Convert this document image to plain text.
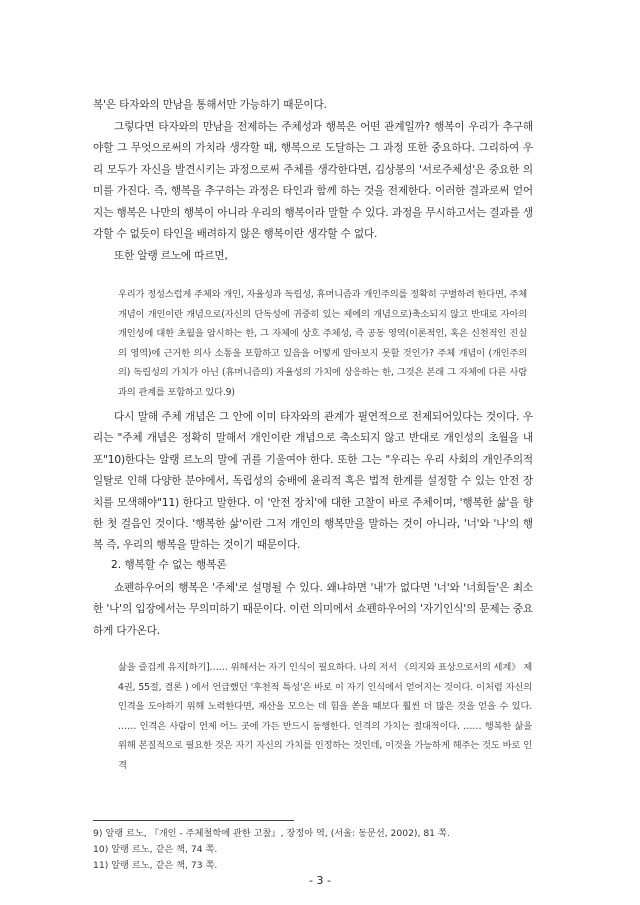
복'은 타자와의 만남을 통해서만 가능하기 때문이다.

그렇다면 타자와의 만남을 전제하는 주체성과 행복은 어떤 관계일까? 행복이 우리가 추구해야할 그 무엇으로써의 가치라 생각할 때, 행복으로 도달하는 그 과정 또한 중요하다. 그리하여 우리 모두가 자신을 발견시키는 과정으로써 주체를 생각한다면, 김상봉의 '서로주체성'은 중요한 의미를 가진다. 즉, 행복을 추구하는 과정은 타인과 함께 하는 것을 전제한다. 이러한 결과로써 얻어지는 행복은 나만의 행복이 아니라 우리의 행복이라 말할 수 있다. 과정을 무시하고서는 결과를 생각할 수 없듯이 타인을 배려하지 않은 행복이란 생각할 수 없다.

또한 알랭 르노에 따르면,

우리가 정성스럽게 주체와 개인, 자율성과 독립성, 휴머니즘과 개인주의를 정확히 구별하려 한다면, 주체 개념이 개인이란 개념으로(자신의 단독성에 귀중히 있는 제에의 개념으로)축소되지 않고 반대로 자아의 개인성에 대한 초월을 암시하는 한, 그 자체에 상호 주체성, 즉 공동 영역(이론적인, 혹은 신천적인 진실의 영역)에 근거한 의사 소통을 포함하고 있음을 어떻게 알아보지 못할 것인가? 주체 개념이 (개인주의의) 독립성의 가치가 아닌 (휴머니즘의) 자율성의 가치에 상응하는 한, 그것은 본래 그 자체에 다른 사람과의 관계를 포함하고 있다.9)

다시 말해 주체 개념은 그 안에 이미 타자와의 관계가 필연적으로 전제되어있다는 것이다. 우리는 "주체 개념은 정확히 말해서 개인이란 개념으로 축소되지 않고 반대로 개인성의 초월을 내포"10)한다는 알랭 르노의 말에 귀를 기울여야 한다. 또한 그는 "우리는 우리 사회의 개인주의적 일탈로 인해 다양한 분야에서, 독립성의 숭배에 윤리적 혹은 법적 한계를 설정할 수 있는 안전 장치를 모색해야"11) 한다고 말한다. 이 '안전 장치'에 대한 고찰이 바로 주체이며, '행복한 삶'을 향한 첫 걸음인 것이다. '행복한 삶'이란 그저 개인의 행복만을 말하는 것이 아니라, '너'와 '나'의 행복 즉, 우리의 행복을 말하는 것이기 때문이다.

2. 행복할 수 없는 행복론

쇼펜하우어의 행복은 '주체'로 설명될 수 있다. 왜냐하면 '내'가 없다면 '너'와 '너희들'은 최소한 '나'의 입장에서는 무의미하기 때문이다. 이런 의미에서 쇼펜하우어의 '자기인식'의 문제는 중요하게 다가온다.

삶을 즐겁게 유지[하기]…… 위해서는 자기 인식이 필요하다. 나의 저서 《의지와 표상으로서의 세계》 제4권, 55절, 결론 ) 에서 언급했던 '후천적 특성'은 바로 이 자기 인식에서 얻어지는 것이다. 이처럼 자신의 인격을 도야하기 위해 노력한다면, 재산을 모으는 데 힘을 쏟을 때보다 훨씬 더 많은 것을 얻을 수 있다. …… 인격은 사람이 언제 어느 곳에 가든 반드시 동행한다. 인격의 가치는 절대적이다. …… 행복한 삶을 위해 본질적으로 필요한 것은 자기 자신의 가치를 인정하는 것인데, 이것을 가능하게 해주는 것도 바로 인격

9) 알랭 르노, 『개인 - 주체철학에 관한 고찰』, 장정아 역, (서울: 동문선, 2002), 81 쪽.

10) 알랭 르노, 같은 책, 74 쪽.

11) 알랭 르노, 같은 책, 73 쪽.

- 3 -
